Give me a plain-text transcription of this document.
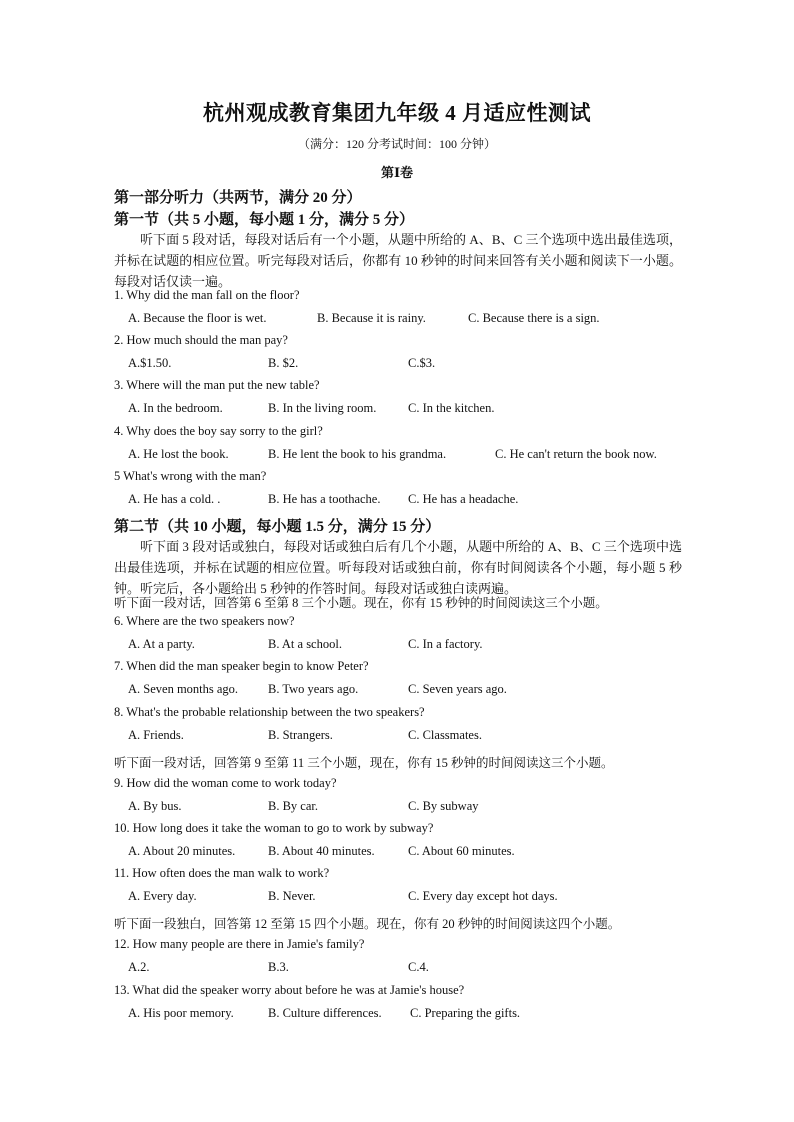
杭州观成教育集团九年级 4 月适应性测试
（满分：120 分考试时间：100 分钟）
第Ⅰ卷
第一部分听力（共两节，满分 20 分）
第一节（共 5 小题，每小题 1 分，满分 5 分）

听下面 5 段对话，每段对话后有一个小题，从题中所给的 A、B、C 三个选项中选出最佳选项，并标在试题的相应位置。听完每段对话后，你都有 10 秒钟的时间来回答有关小题和阅读下一小题。每段对话仅读一遍。

1. Why did the man fall on the floor?
A. Because the floor is wet.	B. Because it is rainy.	C. Because there is a sign.
2. How much should the man pay?
A.$1.50.	B. $2.	C.$3.
3. Where will the man put the new table?
A. In the bedroom.	B. In the living room.	C. In the kitchen.
4. Why does the boy say sorry to the girl?
A. He lost the book.	B. He lent the book to his grandma.	C. He can't return the book now.
5 What's wrong with the man?
A. He has a cold. .	B. He has a toothache. C. He has a headache.
第二节（共 10 小题，每小题 1.5 分，满分 15 分）

听下面 3 段对话或独白，每段对话或独白后有几个小题，从题中所给的 A、B、C 三个选项中选出最佳选项，并标在试题的相应位置。听每段对话或独白前，你有时间阅读各个小题，每小题 5 秒钟。听完后，各小题给出 5 秒钟的作答时间。每段对话或独白读两遍。

听下面一段对话，回答第 6 至第 8 三个小题。现在，你有 15 秒钟的时间阅读这三个小题。
6. Where are the two speakers now?
A. At a party.	B. At a school.	C. In a factory.
7. When did the man speaker begin to know Peter?
A. Seven months ago. B. Two years ago.	C. Seven years ago.
8. What's the probable relationship between the two speakers?
A. Friends.	B. Strangers.	C. Classmates.
听下面一段对话，回答第 9 至第 11 三个小题，现在，你有 15 秒钟的时间阅读这三个小题。
9. How did the woman come to work today?
A. By bus.	B. By car.	C. By subway
10. How long does it take the woman to go to work by subway?
A. About 20 minutes.	B. About 40 minutes.	C. About 60 minutes.
11. How often does the man walk to work?
A. Every day.	B. Never.	C. Every day except hot days.
听下面一段独白，回答第 12 至第 15 四个小题。现在，你有 20 秒钟的时间阅读这四个小题。
12. How many people are there in Jamie's family?
A.2.	B.3.	C.4.
13. What did the speaker worry about before he was at Jamie's house?
A. His poor memory.	B. Culture differences. C. Preparing the gifts.
